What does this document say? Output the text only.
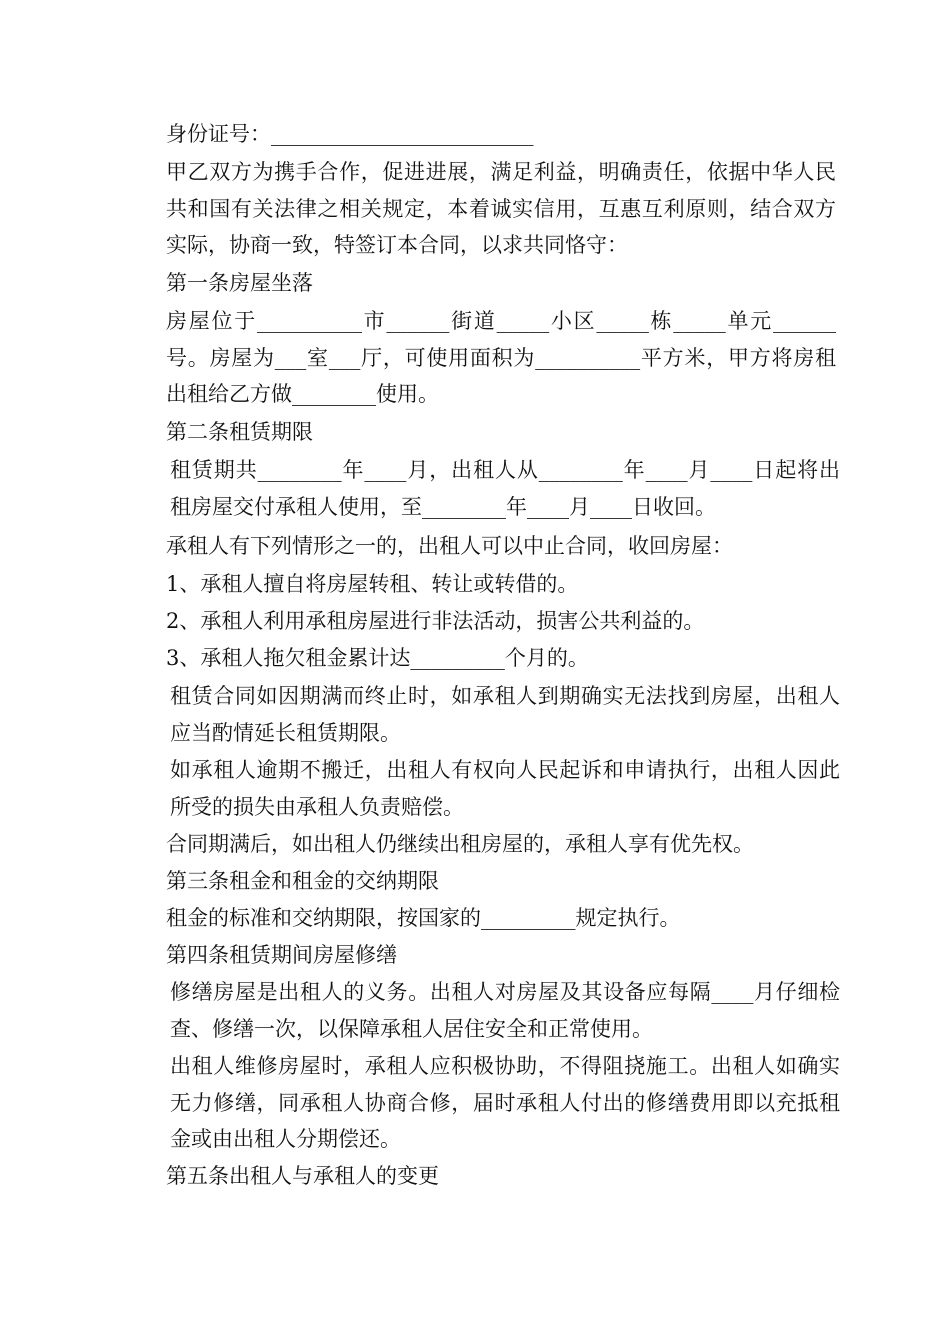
身份证号：_________________________

甲乙双方为携手合作，促进进展，满足利益，明确责任，依据中华人民共和国有关法律之相关规定，本着诚实信用，互惠互利原则，结合双方实际，协商一致，特签订本合同，以求共同恪守：

第一条房屋坐落

房屋位于__________市______街道_____小区_____栋_____单元______号。房屋为___室___厅，可使用面积为__________平方米，甲方将房租出租给乙方做________使用。

第二条租赁期限

租赁期共________年____月，出租人从________年____月____日起将出租房屋交付承租人使用，至________年____月____日收回。

承租人有下列情形之一的，出租人可以中止合同，收回房屋：

1、承租人擅自将房屋转租、转让或转借的。

2、承租人利用承租房屋进行非法活动，损害公共利益的。

3、承租人拖欠租金累计达_________个月的。

租赁合同如因期满而终止时，如承租人到期确实无法找到房屋，出租人应当酌情延长租赁期限。

如承租人逾期不搬迁，出租人有权向人民起诉和申请执行，出租人因此所受的损失由承租人负责赔偿。

合同期满后，如出租人仍继续出租房屋的，承租人享有优先权。

第三条租金和租金的交纳期限

租金的标准和交纳期限，按国家的_________规定执行。

第四条租赁期间房屋修缮

修缮房屋是出租人的义务。出租人对房屋及其设备应每隔____月仔细检查、修缮一次，以保障承租人居住安全和正常使用。

出租人维修房屋时，承租人应积极协助，不得阻挠施工。出租人如确实无力修缮，同承租人协商合修，届时承租人付出的修缮费用即以充抵租金或由出租人分期偿还。

第五条出租人与承租人的变更
